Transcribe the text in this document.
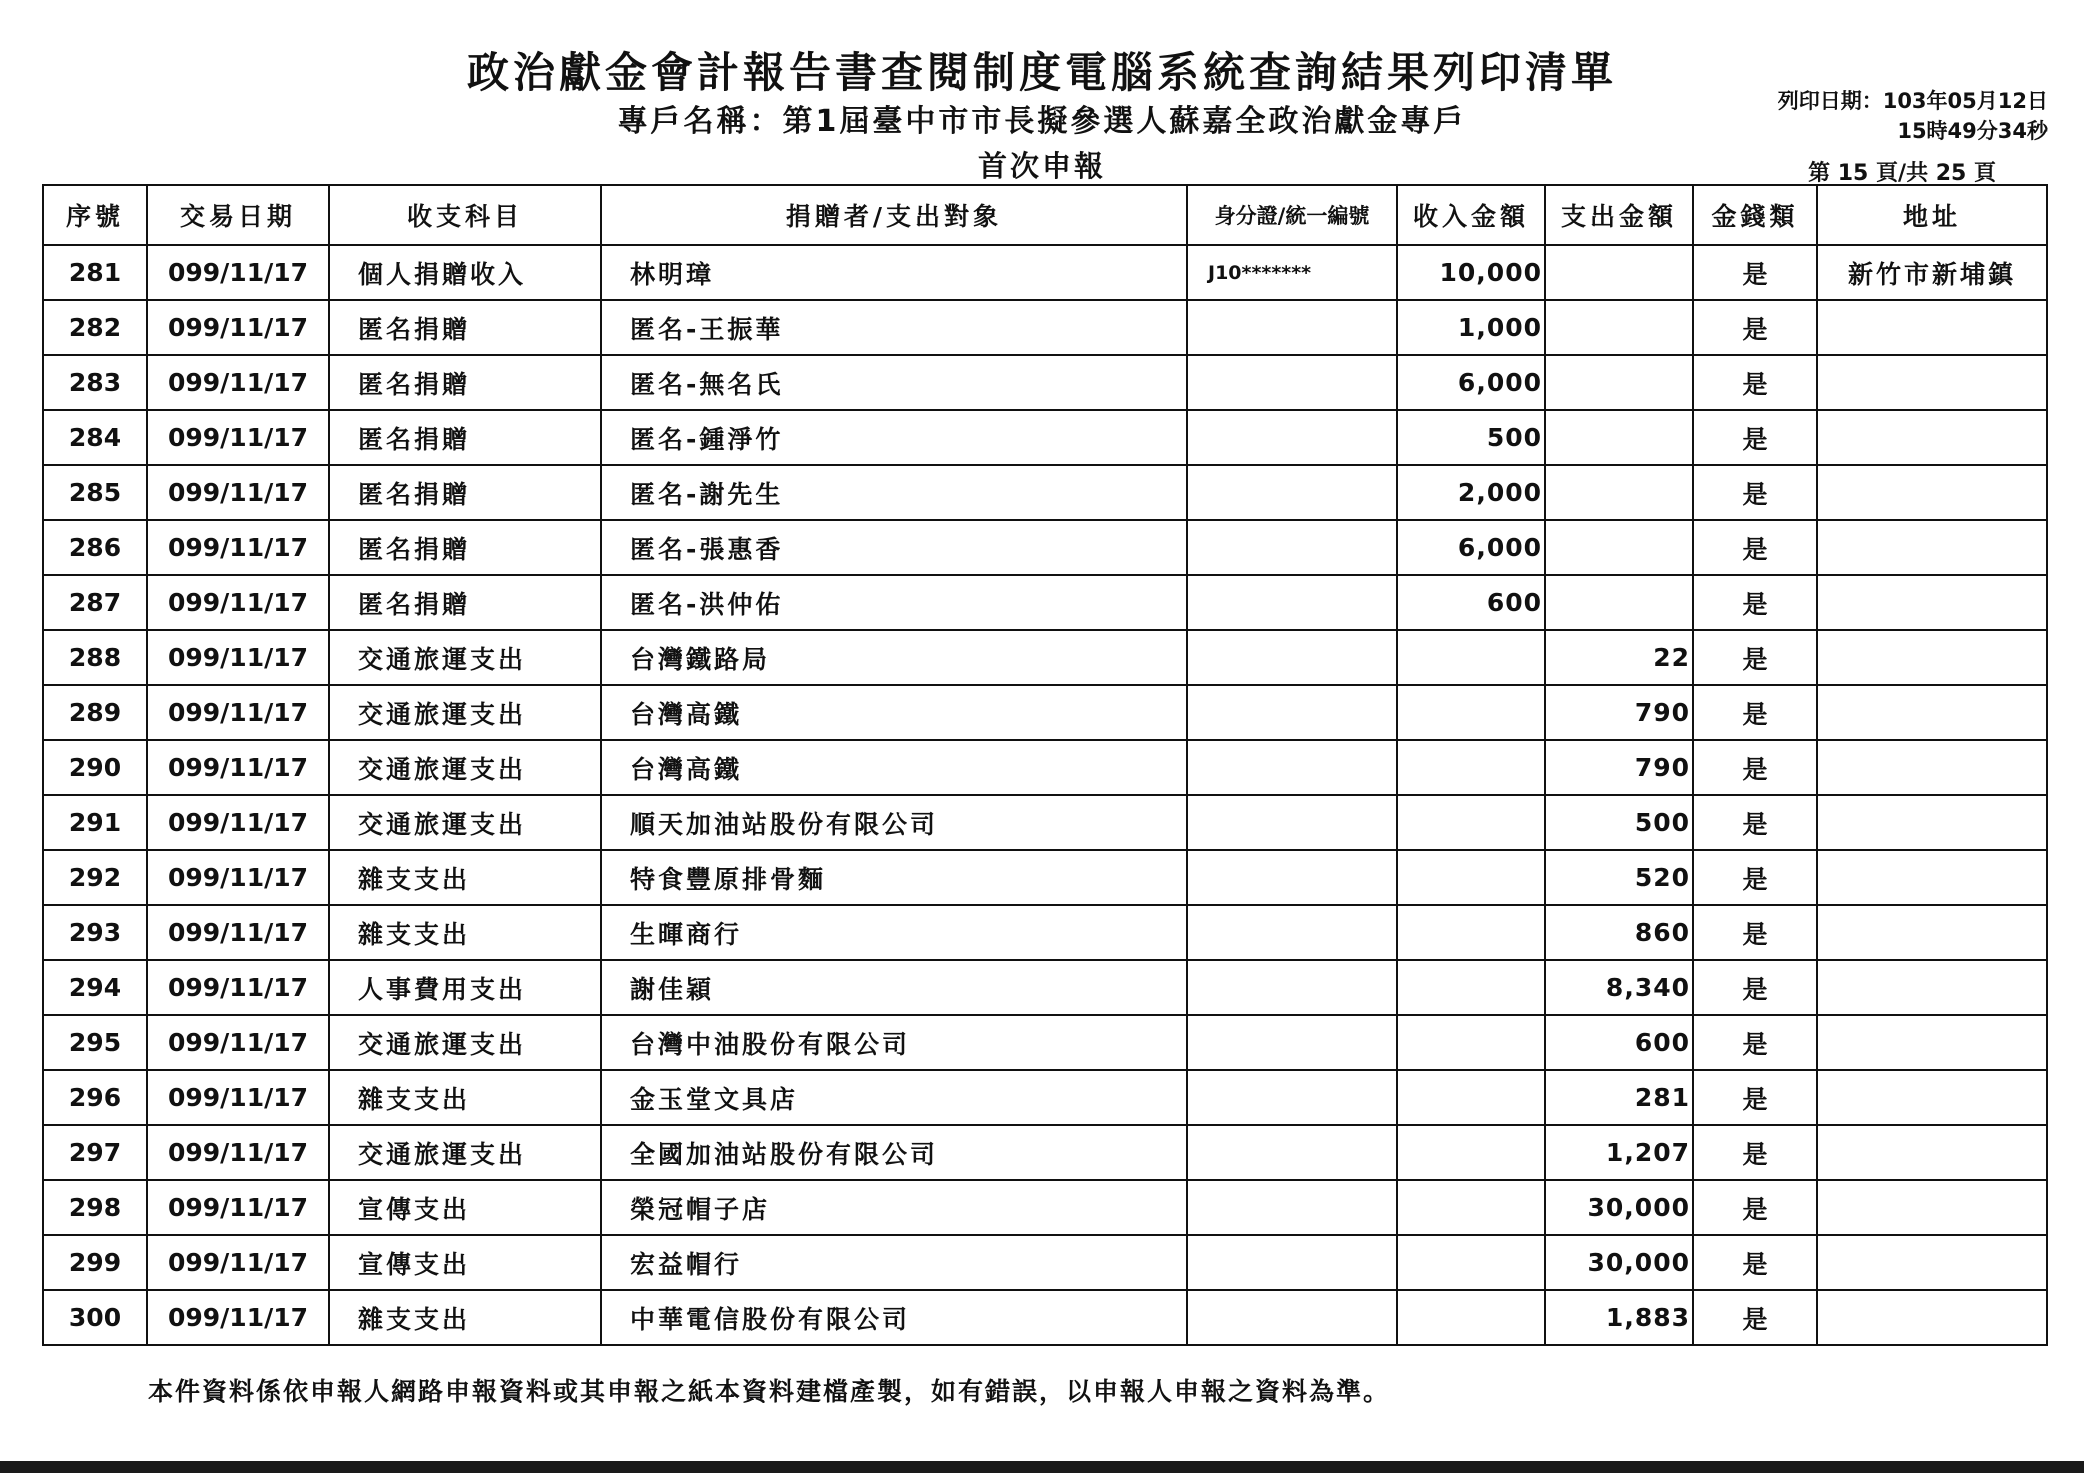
政治獻金會計報告書查閱制度電腦系統查詢結果列印清單
專戶名稱：第1屆臺中市市長擬參選人蘇嘉全政治獻金專戶
首次申報
列印日期：103年05月12日
15時49分34秒
第 15 頁/共 25 頁
序號	交易日期	收支科目	捐贈者/支出對象	身分證/統一編號	收入金額	支出金額	金錢類	地址
281	099/11/17	個人捐贈收入	林明璋	J10*******	10,000		是	新竹市新埔鎮
282	099/11/17	匿名捐贈	匿名-王振華		1,000		是	
283	099/11/17	匿名捐贈	匿名-無名氏		6,000		是	
284	099/11/17	匿名捐贈	匿名-鍾淨竹		500		是	
285	099/11/17	匿名捐贈	匿名-謝先生		2,000		是	
286	099/11/17	匿名捐贈	匿名-張惠香		6,000		是	
287	099/11/17	匿名捐贈	匿名-洪仲佑		600		是	
288	099/11/17	交通旅運支出	台灣鐵路局			22	是	
289	099/11/17	交通旅運支出	台灣高鐵			790	是	
290	099/11/17	交通旅運支出	台灣高鐵			790	是	
291	099/11/17	交通旅運支出	順天加油站股份有限公司			500	是	
292	099/11/17	雜支支出	特食豐原排骨麵			520	是	
293	099/11/17	雜支支出	生暉商行			860	是	
294	099/11/17	人事費用支出	謝佳穎			8,340	是	
295	099/11/17	交通旅運支出	台灣中油股份有限公司			600	是	
296	099/11/17	雜支支出	金玉堂文具店			281	是	
297	099/11/17	交通旅運支出	全國加油站股份有限公司			1,207	是	
298	099/11/17	宣傳支出	榮冠帽子店			30,000	是	
299	099/11/17	宣傳支出	宏益帽行			30,000	是	
300	099/11/17	雜支支出	中華電信股份有限公司			1,883	是	
本件資料係依申報人網路申報資料或其申報之紙本資料建檔產製，如有錯誤，以申報人申報之資料為準。
